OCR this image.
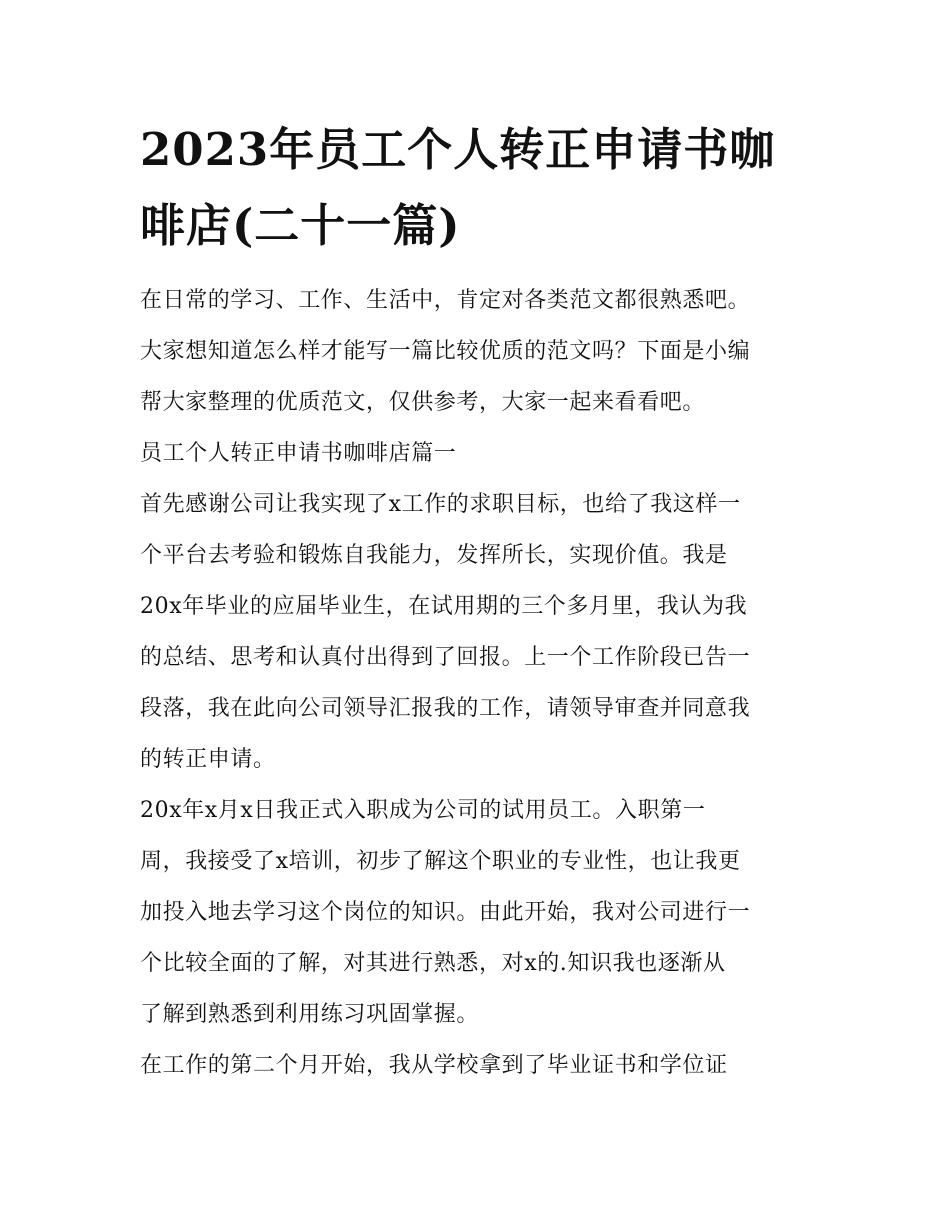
2023年员工个人转正申请书咖
啡店(二十一篇)
在日常的学习、工作、生活中，肯定对各类范文都很熟悉吧。
大家想知道怎么样才能写一篇比较优质的范文吗？下面是小编
帮大家整理的优质范文，仅供参考，大家一起来看看吧。
员工个人转正申请书咖啡店篇一
首先感谢公司让我实现了x工作的求职目标，也给了我这样一
个平台去考验和锻炼自我能力，发挥所长，实现价值。我是
20x年毕业的应届毕业生，在试用期的三个多月里，我认为我
的总结、思考和认真付出得到了回报。上一个工作阶段已告一
段落，我在此向公司领导汇报我的工作，请领导审查并同意我
的转正申请。
20x年x月x日我正式入职成为公司的试用员工。入职第一
周，我接受了x培训，初步了解这个职业的专业性，也让我更
加投入地去学习这个岗位的知识。由此开始，我对公司进行一
个比较全面的了解，对其进行熟悉，对x的.知识我也逐渐从
了解到熟悉到利用练习巩固掌握。
在工作的第二个月开始，我从学校拿到了毕业证书和学位证
